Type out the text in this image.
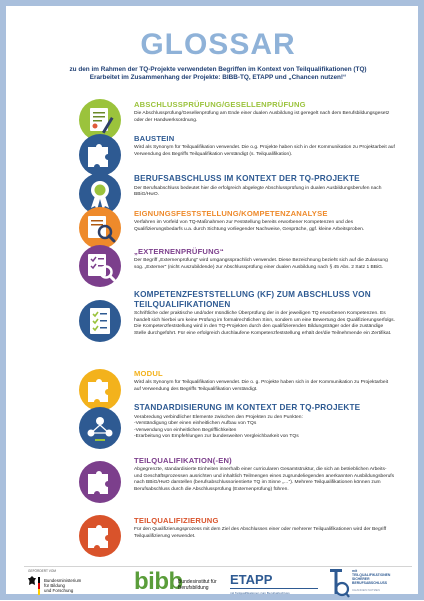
GLOSSAR
zu den im Rahmen der TQ-Projekte verwendeten Begriffen im Kontext von Teilqualifikationen (TQ)
Erarbeitet im Zusammenhang der Projekte: BIBB-TQ, ETAPP und „Chancen nutzen!“
ABSCHLUSSPRÜFUNG/GESELLENPRÜFUNG
Die Abschlussprüfung/Gesellenprüfung am Ende einer dualen Ausbildung ist geregelt nach dem Berufsbildungsgesetz oder der Handwerksordnung.
BAUSTEIN
Wird als Synonym für Teilqualifikation verwendet. Die o.g. Projekte haben sich in der Kommunikation zu Projektarbeit auf Verwendung des Begriffs Teilqualifikation verständigt (s. Teilqualifikation).
BERUFSABSCHLUSS IM KONTEXT DER TQ-PROJEKTE
Der Berufsabschluss bedeutet hier die erfolgreich abgelegte Abschlussprüfung in dualen Ausbildungsberufen nach BBiG/HwO.
EIGNUNGSFESTSTELLUNG/KOMPETENZANALYSE
Verfahren im Vorfeld von TQ-Maßnahmen zur Feststellung bereits erworbener Kompetenzen und des Qualifizierungsbedarfs u.a. durch Sichtung vorliegender Nachweise, Gespräche, ggf. kleine Arbeitsproben.
„EXTERNENPRÜFUNG“
Der Begriff „Externenprüfung“ wird umgangssprachlich verwendet. Diese Bezeichnung bezieht sich auf die Zulassung sog. „Externer“ (nicht Auszubildende) zur Abschlussprüfung einer dualen Ausbildung nach § 45 Abs. 2 Satz 1 BBiG.
KOMPETENZFESTSTELLUNG (KF) ZUM ABSCHLUSS VON TEILQUALIFIKATIONEN
Schriftliche oder praktische und/oder mündliche Überprüfung der in der jeweiligen TQ erworbenen Kompetenzen. Es handelt sich hierbei um keine Prüfung im formalrechtlichen Sinn, sondern um eine Bewertung des Qualifizierungserfolgs. Die Kompetenzfeststellung wird in den TQ-Projekten durch den qualifizierenden Bildungsträger oder die zuständige Stelle durchgeführt. Für eine erfolgreich durchlaufene Kompetenzfeststellung erhält der/die Teilnehmende ein Zertifikat.
MODUL
Wird als Synonym für Teilqualifikation verwendet. Die o. g. Projekte haben sich in der Kommunikation zu Projektarbeit auf Verwendung des Begriffs Teilqualifikation verständigt.
STANDARDISIERUNG IM KONTEXT DER TQ-PROJEKTE
Verabredung verbindlicher Elemente zwischen den Projekten zu den Punkten:
-Verständigung über einen einheitlichen Aufbau von TQs
-Verwendung von einheitlichen Begrifflichkeiten
-Erarbeitung von Empfehlungen zur bundesweiten Vergleichbarkeit von TQs
TEILQUALIFIKATION(-EN)
Abgegrenzte, standardisierte Einheiten innerhalb einer curricularen Gesamtstruktur, die sich an betrieblichen Arbeits- und Geschäftsprozessen ausrichten und inhaltlich Teilmengen eines zugrundeliegenden anerkannten Ausbildungsberufs nach BBiG/HwO darstellen (berufsabschlussorientierte TQ im Sinne „…“). Mehrere Teilqualifikationen können zum Berufsabschluss durch die Abschlussprüfung (Externenprüfung) führen.
TEILQUALIFIZIERUNG
Für den Qualifizierungsprozess mit dem Ziel des Abschlusses einer oder mehrerer Teilqualifikationen wird der Begriff Teilqualifizierung verwendet.
GEFÖRDERT VOM
Bundesministerium
für Bildung
und Forschung	bibb
Bundesinstitut für
Berufsbildung
ETAPP
mit Teilqualifikationen zum Berufsabschluss
mit
TEILQUALIFIKATIONEN
SICHERER
BERUFSABSCHLUSS
CHANCEN NUTZEN
